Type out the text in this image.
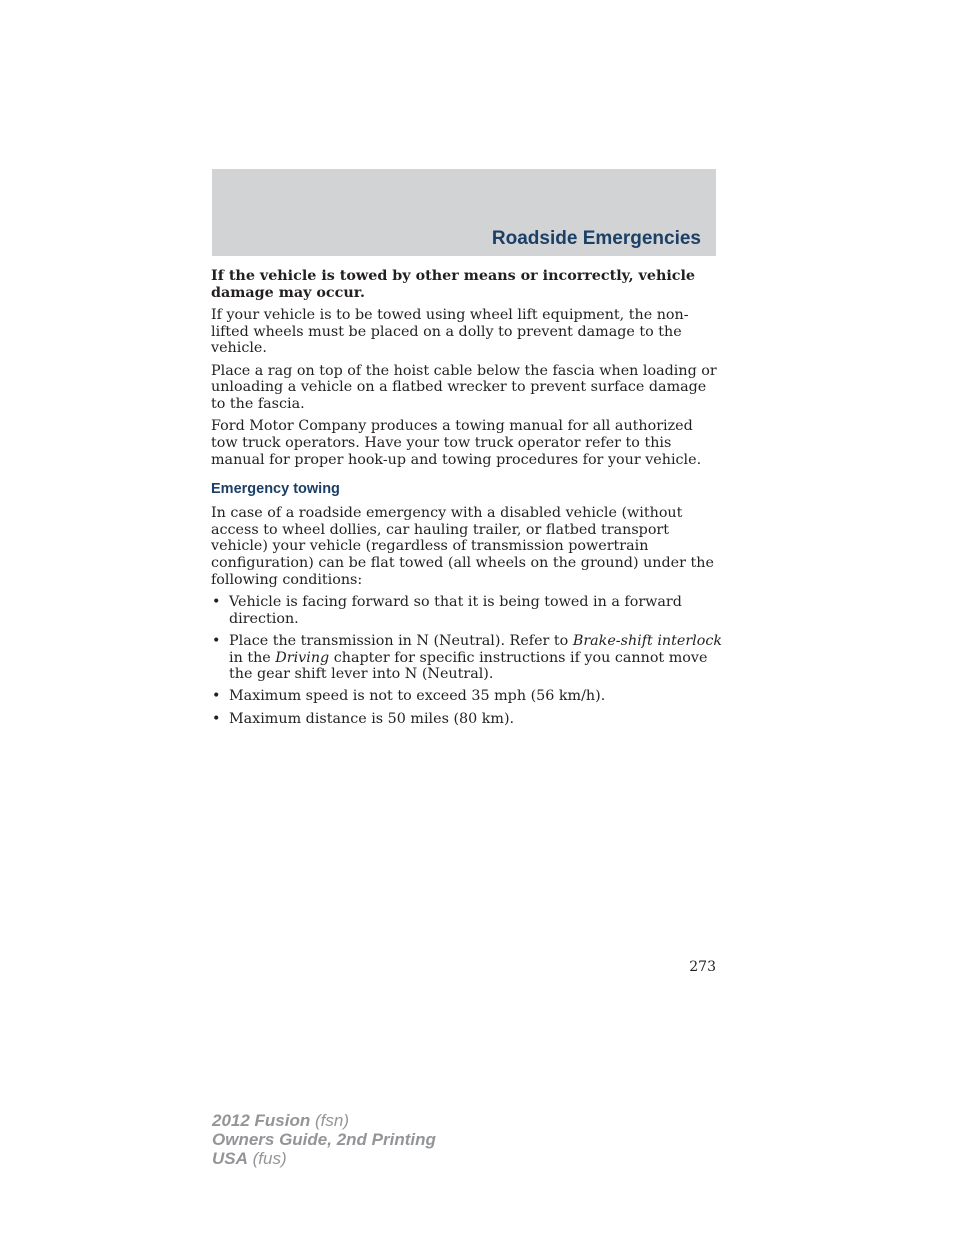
Roadside Emergencies

If the vehicle is towed by other means or incorrectly, vehicle damage may occur.

If your vehicle is to be towed using wheel lift equipment, the non-lifted wheels must be placed on a dolly to prevent damage to the vehicle.

Place a rag on top of the hoist cable below the fascia when loading or unloading a vehicle on a flatbed wrecker to prevent surface damage to the fascia.

Ford Motor Company produces a towing manual for all authorized tow truck operators. Have your tow truck operator refer to this manual for proper hook-up and towing procedures for your vehicle.

Emergency towing

In case of a roadside emergency with a disabled vehicle (without access to wheel dollies, car hauling trailer, or flatbed transport vehicle) your vehicle (regardless of transmission powertrain configuration) can be flat towed (all wheels on the ground) under the following conditions:

• Vehicle is facing forward so that it is being towed in a forward direction.
• Place the transmission in N (Neutral). Refer to Brake-shift interlock in the Driving chapter for specific instructions if you cannot move the gear shift lever into N (Neutral).
• Maximum speed is not to exceed 35 mph (56 km/h).
• Maximum distance is 50 miles (80 km).
273
2012 Fusion (fsn)
Owners Guide, 2nd Printing
USA (fus)
